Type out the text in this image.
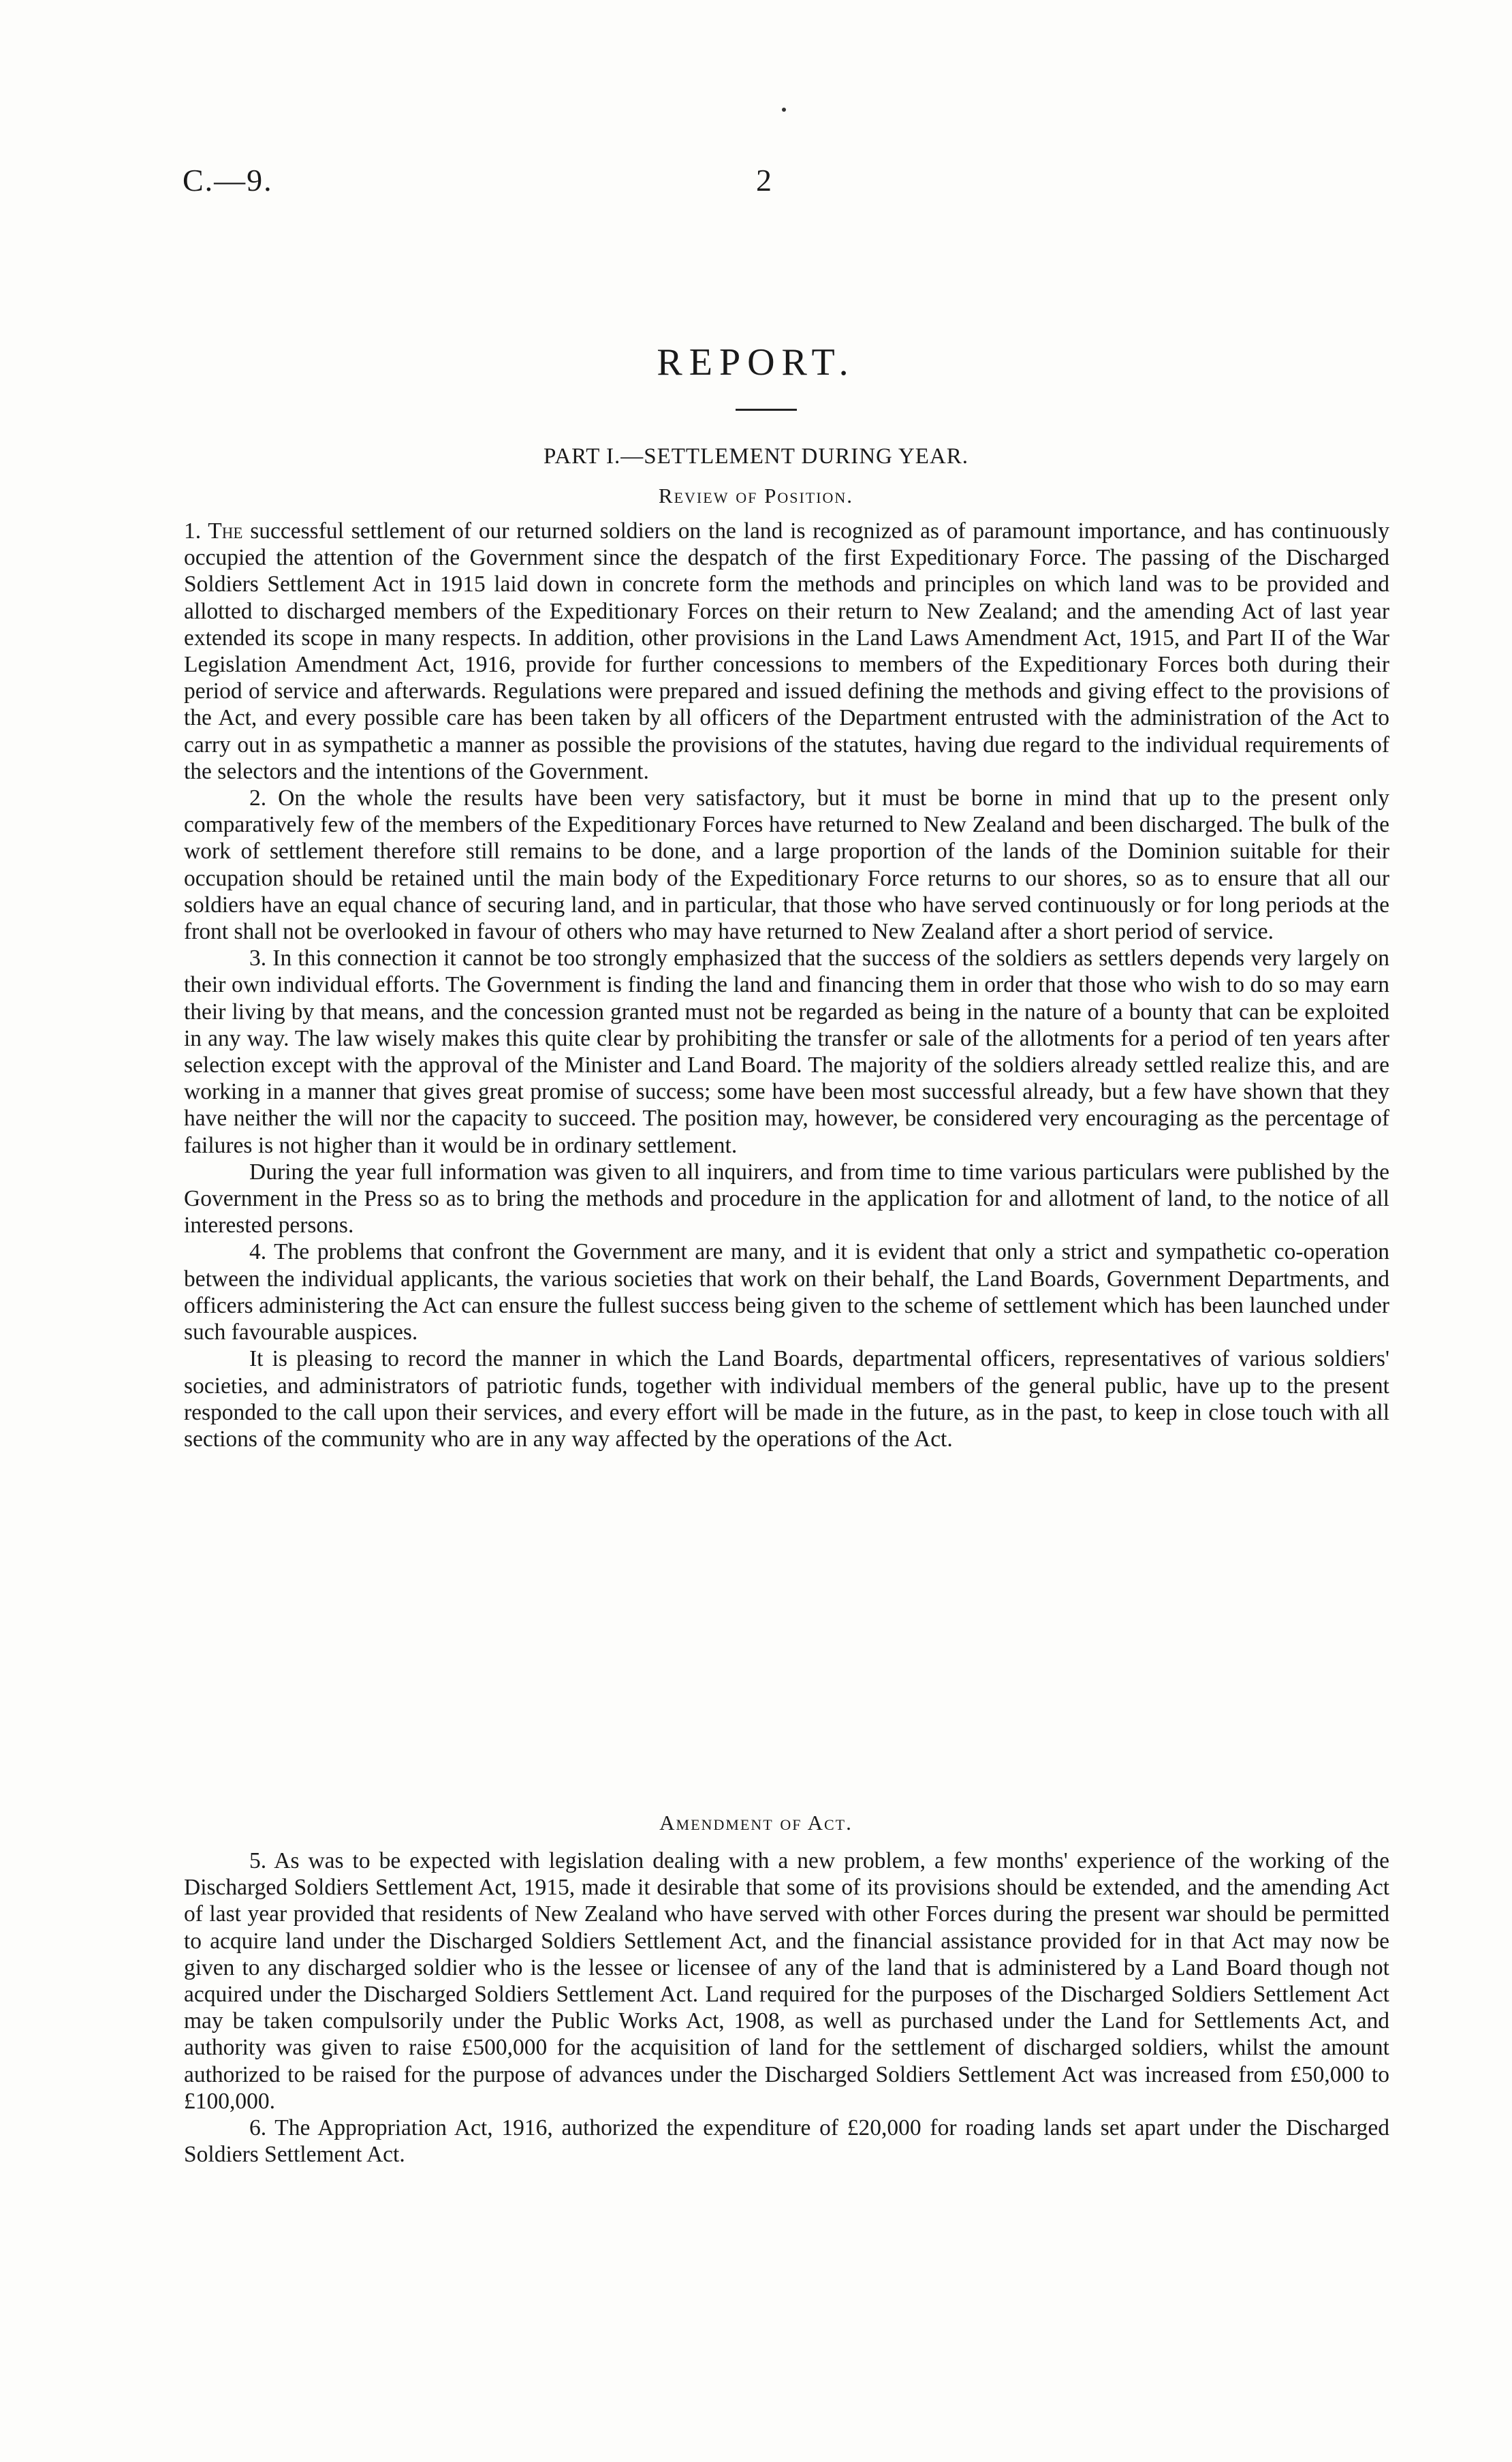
C.—9.	2
REPORT.
PART I.—SETTLEMENT DURING YEAR.
Review of Position.

1. The successful settlement of our returned soldiers on the land is recognized as of paramount importance, and has continuously occupied the attention of the Government since the despatch of the first Expeditionary Force. The passing of the Discharged Soldiers Settlement Act in 1915 laid down in concrete form the methods and principles on which land was to be provided and allotted to discharged members of the Expeditionary Forces on their return to New Zealand; and the amending Act of last year extended its scope in many respects. In addition, other provisions in the Land Laws Amendment Act, 1915, and Part II of the War Legislation Amendment Act, 1916, provide for further concessions to members of the Expeditionary Forces both during their period of service and afterwards. Regulations were prepared and issued defining the methods and giving effect to the provisions of the Act, and every possible care has been taken by all officers of the Department entrusted with the administration of the Act to carry out in as sympathetic a manner as possible the provisions of the statutes, having due regard to the individual requirements of the selectors and the intentions of the Government.

2. On the whole the results have been very satisfactory, but it must be borne in mind that up to the present only comparatively few of the members of the Expeditionary Forces have returned to New Zealand and been discharged. The bulk of the work of settlement therefore still remains to be done, and a large proportion of the lands of the Dominion suitable for their occupation should be retained until the main body of the Expeditionary Force returns to our shores, so as to ensure that all our soldiers have an equal chance of securing land, and in particular, that those who have served continuously or for long periods at the front shall not be overlooked in favour of others who may have returned to New Zealand after a short period of service.

3. In this connection it cannot be too strongly emphasized that the success of the soldiers as settlers depends very largely on their own individual efforts. The Government is finding the land and financing them in order that those who wish to do so may earn their living by that means, and the concession granted must not be regarded as being in the nature of a bounty that can be exploited in any way. The law wisely makes this quite clear by prohibiting the transfer or sale of the allotments for a period of ten years after selection except with the approval of the Minister and Land Board. The majority of the soldiers already settled realize this, and are working in a manner that gives great promise of success; some have been most successful already, but a few have shown that they have neither the will nor the capacity to succeed. The position may, however, be considered very encouraging as the percentage of failures is not higher than it would be in ordinary settlement.

During the year full information was given to all inquirers, and from time to time various particulars were published by the Government in the Press so as to bring the methods and procedure in the application for and allotment of land, to the notice of all interested persons.

4. The problems that confront the Government are many, and it is evident that only a strict and sympathetic co-operation between the individual applicants, the various societies that work on their behalf, the Land Boards, Government Departments, and officers administering the Act can ensure the fullest success being given to the scheme of settlement which has been launched under such favourable auspices.

It is pleasing to record the manner in which the Land Boards, departmental officers, representatives of various soldiers' societies, and administrators of patriotic funds, together with individual members of the general public, have up to the present responded to the call upon their services, and every effort will be made in the future, as in the past, to keep in close touch with all sections of the community who are in any way affected by the operations of the Act.

Amendment of Act.

5. As was to be expected with legislation dealing with a new problem, a few months' experience of the working of the Discharged Soldiers Settlement Act, 1915, made it desirable that some of its provisions should be extended, and the amending Act of last year provided that residents of New Zealand who have served with other Forces during the present war should be permitted to acquire land under the Discharged Soldiers Settlement Act, and the financial assistance provided for in that Act may now be given to any discharged soldier who is the lessee or licensee of any of the land that is administered by a Land Board though not acquired under the Discharged Soldiers Settlement Act. Land required for the purposes of the Discharged Soldiers Settlement Act may be taken compulsorily under the Public Works Act, 1908, as well as purchased under the Land for Settlements Act, and authority was given to raise £500,000 for the acquisition of land for the settlement of discharged soldiers, whilst the amount authorized to be raised for the purpose of advances under the Discharged Soldiers Settlement Act was increased from £50,000 to £100,000.

6. The Appropriation Act, 1916, authorized the expenditure of £20,000 for roading lands set apart under the Discharged Soldiers Settlement Act.
